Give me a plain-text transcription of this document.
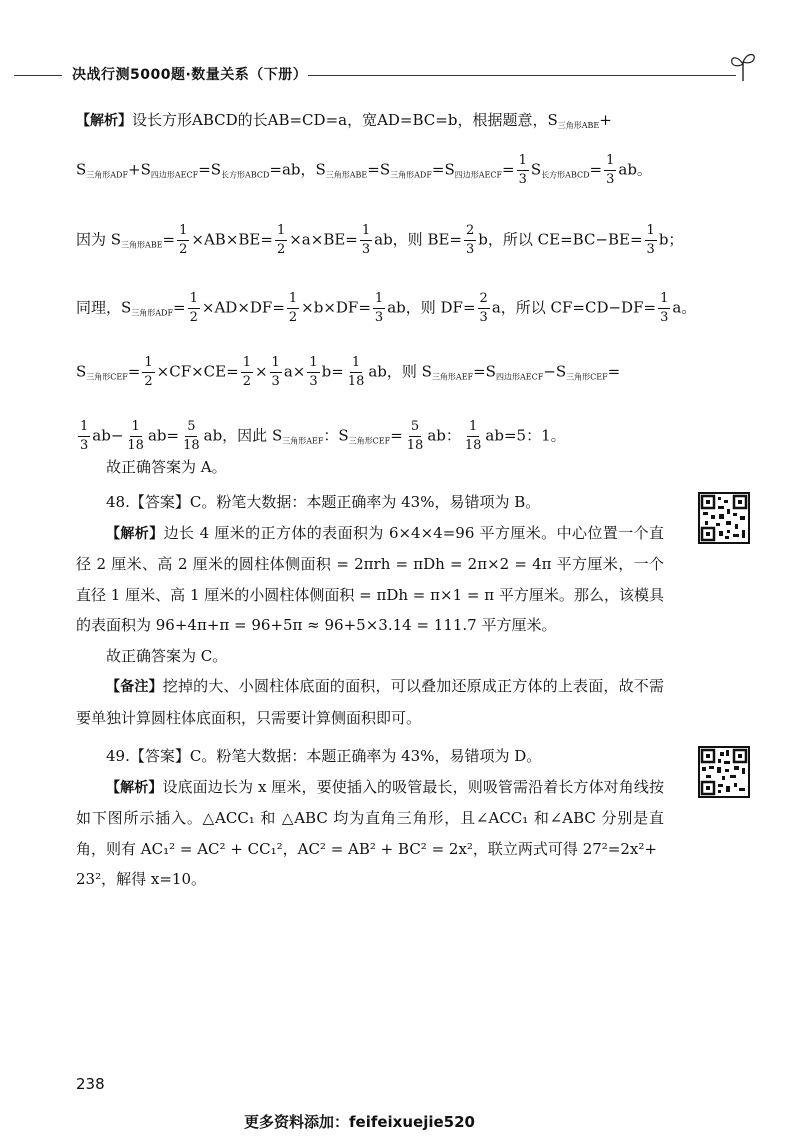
决战行测5000题·数量关系（下册）
【解析】设长方形ABCD的长AB=CD=a，宽AD=BC=b，根据题意，$S_{三角形ABE}+$
$S_{三角形ADF}+S_{四边形AECF}=S_{长方形ABCD}=ab$，$S_{三角形ABE}=S_{三角形ADF}=S_{四边形AECF}= \frac{1}{3} S_{长方形ABCD}= \frac{1}{3}$ ab。
因为 $S_{三角形ABE}= \frac{1}{2} \times AB\times BE= \frac{1}{2} \times a\times BE= \frac{1}{3}$ ab，则 $BE= \frac{2}{3}$ b，所以 $CE=BC-BE= \frac{1}{3}$ b；
同理，$S_{三角形ADF}= \frac{1}{2} \times AD\times DF= \frac{1}{2} \times b\times DF= \frac{1}{3}$ ab，则 $DF= \frac{2}{3}$ a，所以 $CF=CD-DF= \frac{1}{3}$ a。
$S_{三角形CEF}= \frac{1}{2} \times CF\times CE= \frac{1}{2} \times \frac{1}{3} a\times \frac{1}{3} b= \frac{1}{18}$ ab，则 $S_{三角形AEF}=S_{四边形AECF}-S_{三角形CEF}=$
$\frac{1}{3} ab- \frac{1}{18} ab= \frac{5}{18}$ ab，因此 $S_{三角形AEF}$：$S_{三角形CEF}= \frac{5}{18}$ ab： $\frac{1}{18} ab=5$：1。
故正确答案为 A。
48.【答案】C。粉笔大数据：本题正确率为 43%，易错项为 B。
【解析】边长 4 厘米的正方体的表面积为 6×4×4=96 平方厘米。中心位置一个直径 2 厘米、高 2 厘米的圆柱体侧面积 = 2πrh = πDh = 2π×2 = 4π 平方厘米，一个直径 1 厘米、高 1 厘米的小圆柱体侧面积 = πDh = π×1 = π 平方厘米。那么，该模具的表面积为 96+4π+π = 96+5π ≈ 96+5×3.14 = 111.7 平方厘米。
故正确答案为 C。
【备注】挖掉的大、小圆柱体底面的面积，可以叠加还原成正方体的上表面，故不需要单独计算圆柱体底面积，只需要计算侧面积即可。
49.【答案】C。粉笔大数据：本题正确率为 43%，易错项为 D。
【解析】设底面边长为 x 厘米，要使插入的吸管最长，则吸管需沿着长方体对角线按如下图所示插入。△ACC₁ 和 △ABC 均为直角三角形，且∠ACC₁ 和∠ABC 分别是直角，则有 AC₁² = AC² + CC₁²，AC² = AB² + BC² = 2x²，联立两式可得 27²=2x²+
23²，解得 x=10。
238
更多资料添加：feifeixuejie520
